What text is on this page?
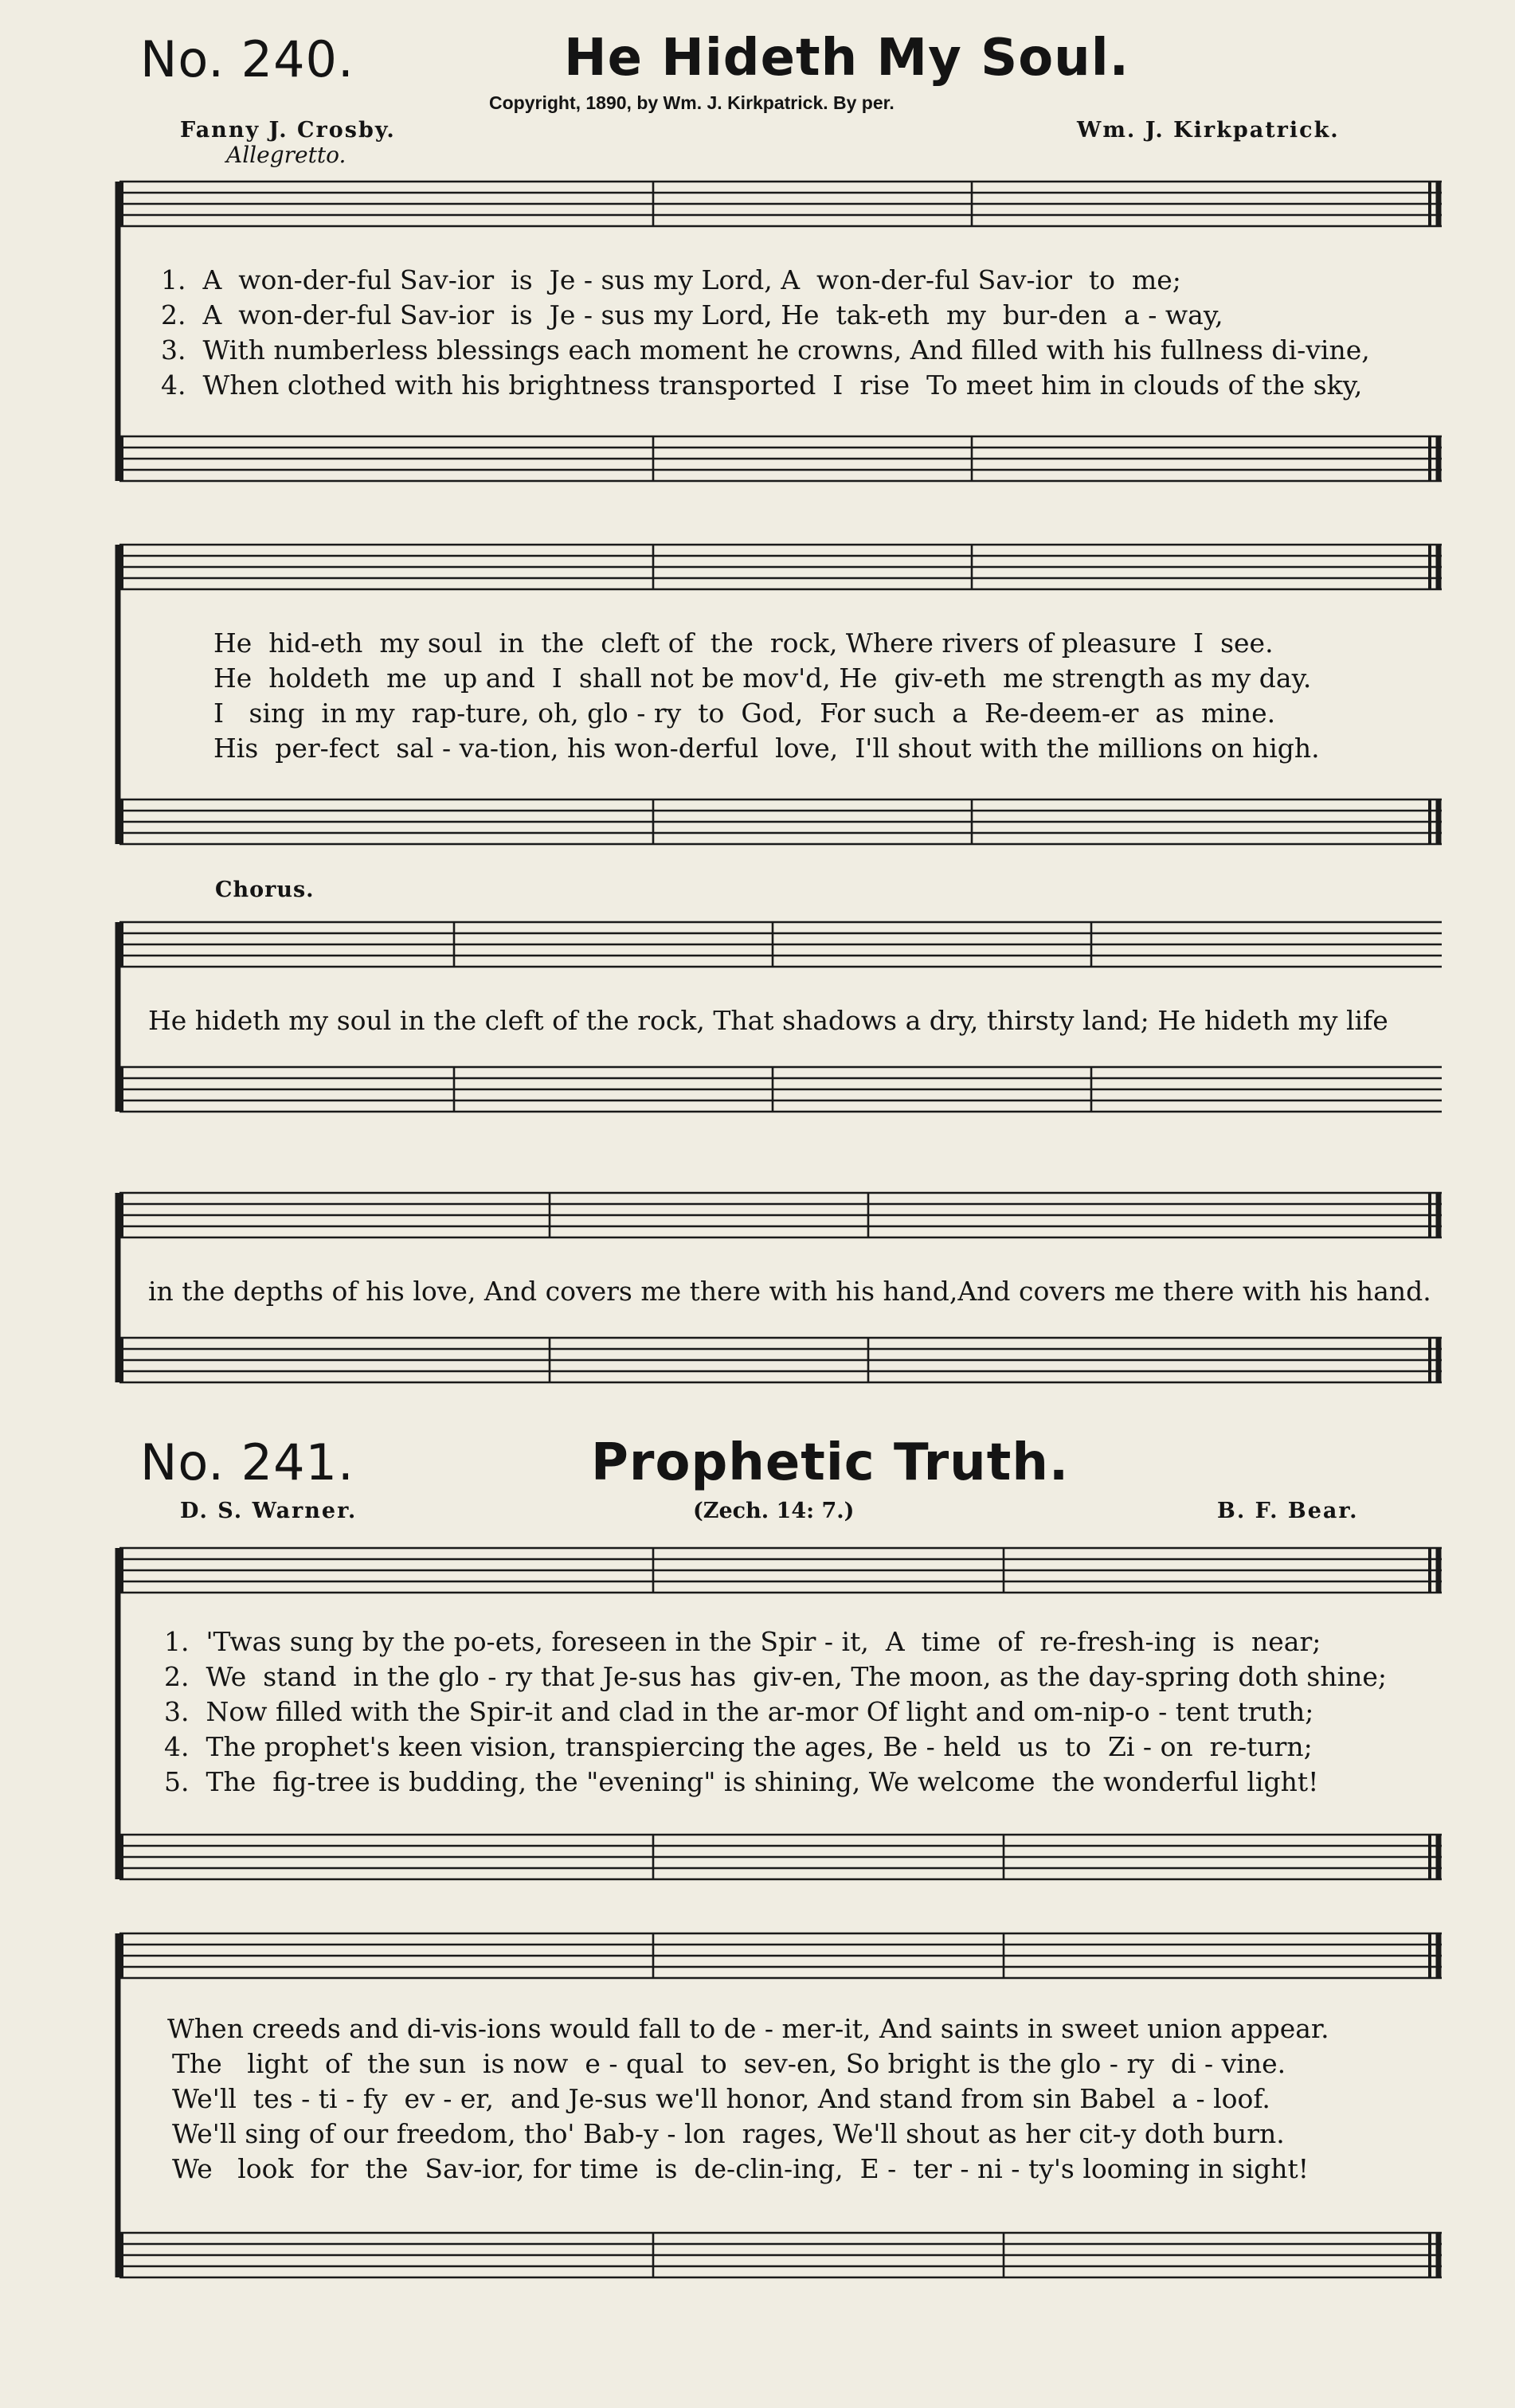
No. 240.	He Hideth My Soul.
Copyright, 1890, by Wm. J. Kirkpatrick. By per.
Fanny J. Crosby.	Wm. J. Kirkpatrick.
Allegretto.
1.  A  won-der-ful Sav-ior  is  Je - sus my Lord, A  won-der-ful Sav-ior  to  me;
2.  A  won-der-ful Sav-ior  is  Je - sus my Lord, He  tak-eth  my  bur-den  a - way,
3.  With numberless blessings each moment he crowns, And filled with his fullness di-vine,
4.  When clothed with his brightness transported  I  rise  To meet him in clouds of the sky,
He  hid-eth  my soul  in  the  cleft of  the  rock, Where rivers of pleasure  I  see.
He  holdeth  me  up and  I  shall not be mov'd, He  giv-eth  me strength as my day.
I   sing  in my  rap-ture, oh, glo - ry  to  God,  For such  a  Re-deem-er  as  mine.
His  per-fect  sal - va-tion, his won-derful  love,  I'll shout with the millions on high.
Chorus.
He hideth my soul in the cleft of the rock, That shadows a dry, thirsty land; He hideth my life
in the depths of his love, And covers me there with his hand,And covers me there with his hand.
No. 241.	Prophetic Truth.
D. S. Warner.	(Zech. 14: 7.)	B. F. Bear.
1.  'Twas sung by the po-ets, foreseen in the Spir - it,  A  time  of  re-fresh-ing  is  near;
2.  We  stand  in the glo - ry that Je-sus has  giv-en, The moon, as the day-spring doth shine;
3.  Now filled with the Spir-it and clad in the ar-mor Of light and om-nip-o - tent truth;
4.  The prophet's keen vision, transpiercing the ages, Be - held  us  to  Zi - on  re-turn;
5.  The  fig-tree is budding, the "evening" is shining, We welcome  the wonderful light!
When creeds and di-vis-ions would fall to de - mer-it, And saints in sweet union appear.
The   light  of  the sun  is now  e - qual  to  sev-en, So bright is the glo - ry  di - vine.
We'll  tes - ti - fy  ev - er,  and Je-sus we'll honor, And stand from sin Babel  a - loof.
We'll sing of our freedom, tho' Bab-y - lon  rages, We'll shout as her cit-y doth burn.
We   look  for  the  Sav-ior, for time  is  de-clin-ing,  E -  ter - ni - ty's looming in sight!
